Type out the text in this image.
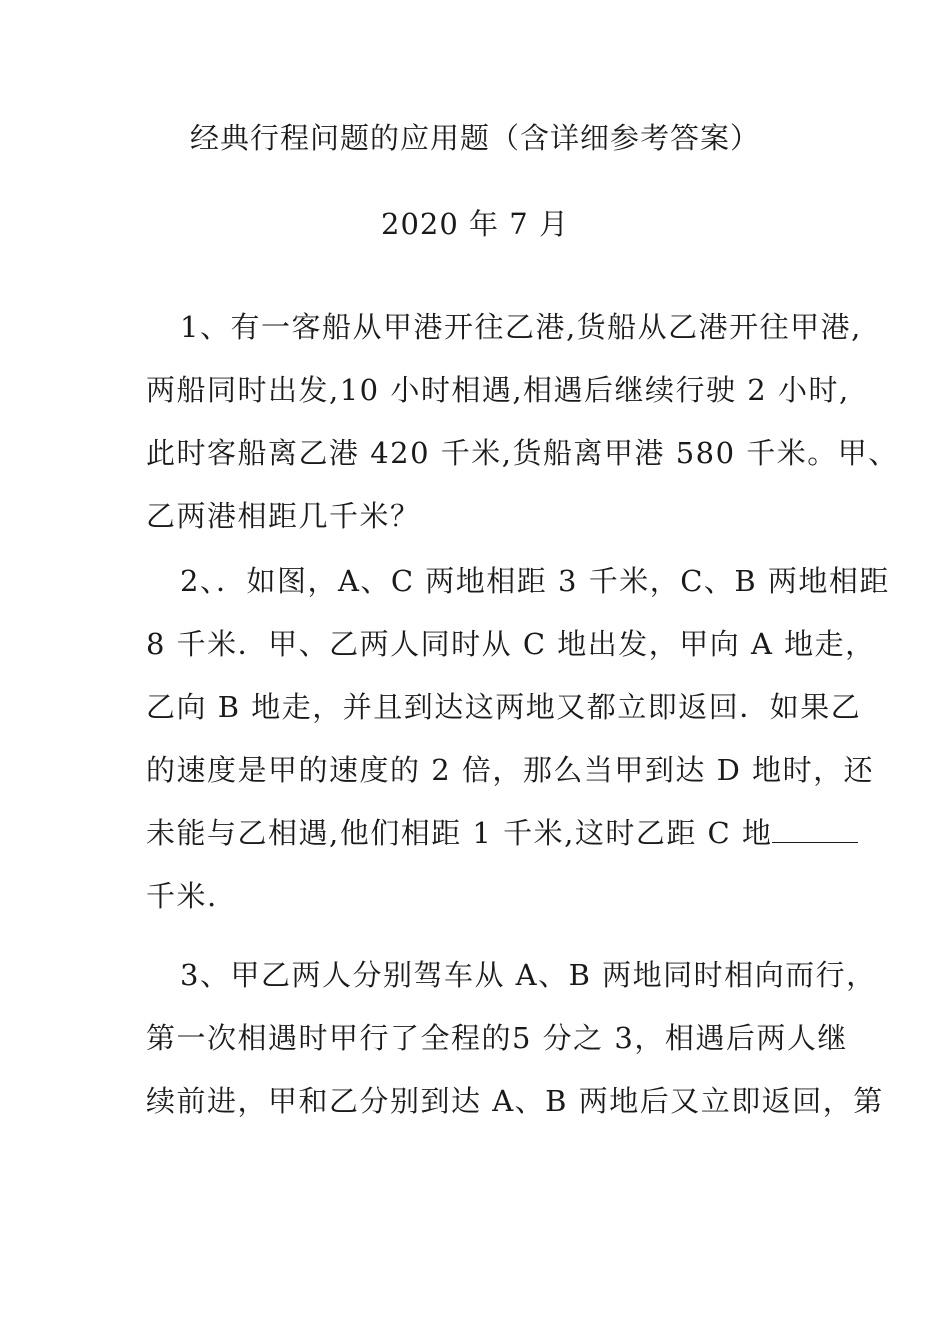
经典行程问题的应用题（含详细参考答案）
2020 年 7 月
1、有一客船从甲港开往乙港,货船从乙港开往甲港,
两船同时出发,10 小时相遇,相遇后继续行驶 2 小时,
此时客船离乙港 420 千米,货船离甲港 580 千米。甲、
乙两港相距几千米？
2、．如图，A、C 两地相距 3 千米，C、B 两地相距
8 千米．甲、乙两人同时从 C 地出发，甲向 A 地走，
乙向 B 地走，并且到达这两地又都立即返回．如果乙
的速度是甲的速度的 2 倍，那么当甲到达 D 地时，还
未能与乙相遇,他们相距 1 千米,这时乙距 C 地
千米.
3、甲乙两人分别驾车从 A、B 两地同时相向而行，
第一次相遇时甲行了全程的5 分之 3，相遇后两人继
续前进，甲和乙分别到达 A、B 两地后又立即返回，第
